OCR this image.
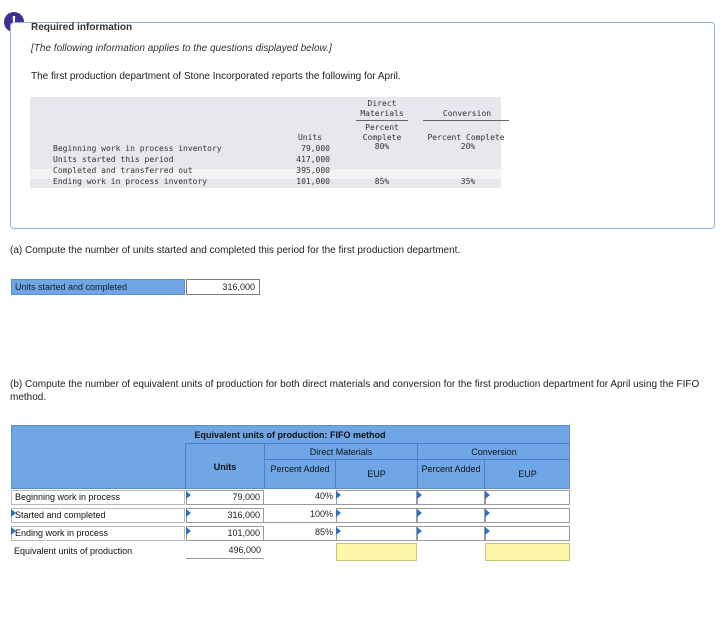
Required information
[The following information applies to the questions displayed below.]
The first production department of Stone Incorporated reports the following for April.
Direct
Materials	Conversion
Percent
Complete	Percent Complete
Units
Beginning work in process inventory	79,000	80%	20%
Units started this period	417,000
Completed and transferred out	395,000
Ending work in process inventory	101,000	85%	35%
(a) Compute the number of units started and completed this period for the first production department.
Units started and completed	316,000
(b) Compute the number of equivalent units of production for both direct materials and conversion for the first production department for April using the FIFO method.
Equivalent units of production: FIFO method
Direct Materials	Conversion
Units	Percent Added	EUP	Percent Added	EUP
Beginning work in process	79,000	40%
Started and completed	316,000	100%
Ending work in process	101,000	85%
Equivalent units of production	496,000
